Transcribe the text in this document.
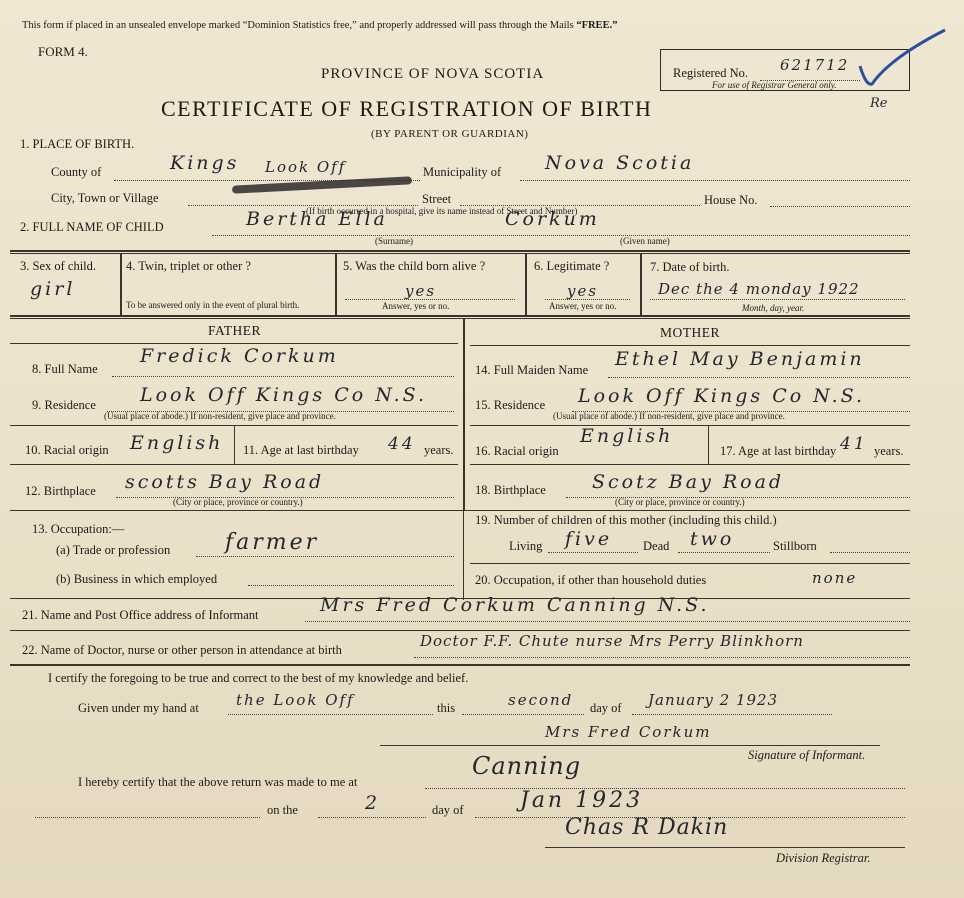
This form if placed in an unsealed envelope marked “Dominion Statistics free,” and properly addressed will pass through the Mails “FREE.”
FORM 4.
PROVINCE OF NOVA SCOTIA
CERTIFICATE OF REGISTRATION OF BIRTH
(BY PARENT OR GUARDIAN)
Registered No. 621712
For use of Registrar General only.
Re
1. PLACE OF BIRTH.
County of	Kings Look Off	Municipality of Nova Scotia
City, Town or Village	Street	House No.
(If birth occurred in a hospital, give its name instead of Street and Number)
2. FULL NAME OF CHILD	Bertha Ella	Corkum
(Surname)	(Given name)
3. Sex of child.
girl
4. Twin, triplet or other ?
To be answered only in the event of plural birth.
5. Was the child born alive ?
yes
Answer, yes or no.
6. Legitimate ?
yes
Answer, yes or no.
7. Date of birth.
Dec the 4 monday 1922
Month, day, year.
FATHER	MOTHER
8. Full Name
Fredick Corkum
9. Residence Look Off Kings Co N.S.
(Usual place of abode.) If non-resident, give place and province.
10. Racial origin English 11. Age at last birthday 44 years.
12. Birthplace scotts Bay Road
(City or place, province or country.)
14. Full Maiden Name Ethel May Benjamin
15. Residence Look Off Kings Co N.S.
(Usual place of abode.) If non-resident, give place and province.
16. Racial origin
English
17. Age at last birthday 41 years.
18. Birthplace Scotz Bay Road
(City or place, province or country.)
13. Occupation:—
(a) Trade or profession farmer
(b) Business in which employed
19. Number of children of this mother (including this child.)
Living five Dead two	Stillborn
20. Occupation, if other than household duties	none
21. Name and Post Office address of Informant	Mrs Fred Corkum Canning N.S.
22. Name of Doctor, nurse or other person in attendance at birth	Doctor F.F. Chute nurse Mrs Perry Blinkhorn
I certify the foregoing to be true and correct to the best of my knowledge and belief.
Given under my hand at the Look Off	this	second day of January 2 1923
Mrs Fred Corkum
Signature of Informant.
I hereby certify that the above return was made to me at
Canning
on the	2	day of	Jan 1923
Chas R Dakin
Division Registrar.
